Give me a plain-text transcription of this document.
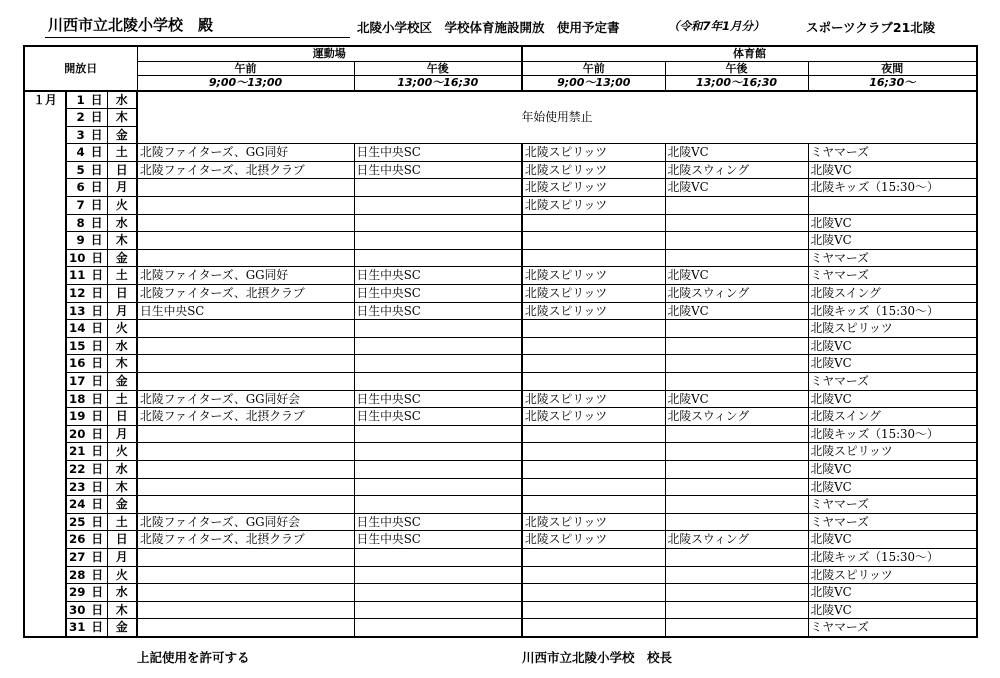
川西市立北陵小学校　殿	北陵小学校区　学校体育施設開放　使用予定書	（令和7年1月分）	スポーツクラブ21北陵
開放日			運動場		体育館		
			午前	午後	午前	午後	夜間
			9;00～13;00	13;00～16;30	9;00～13;00	13;00～16;30	16;30～
１月	1 日	水	年始使用禁止				
	2 日	木					
	3 日	金					
	4 日	土	北陵ファイターズ、GG同好	日生中央SC	北陵スピリッツ	北陵VC	ミヤマーズ
	5 日	日	北陵ファイターズ、北摂クラブ	日生中央SC	北陵スピリッツ	北陵スウィング	北陵VC
	6 日	月			北陵スピリッツ	北陵VC	北陵キッズ（15:30～）
	7 日	火			北陵スピリッツ		
	8 日	水					北陵VC
	9 日	木					北陵VC
	10 日	金					ミヤマーズ
	11 日	土	北陵ファイターズ、GG同好	日生中央SC	北陵スピリッツ	北陵VC	ミヤマーズ
	12 日	日	北陵ファイターズ、北摂クラブ	日生中央SC	北陵スピリッツ	北陵スウィング	北陵スイング
	13 日	月	日生中央SC	日生中央SC	北陵スピリッツ	北陵VC	北陵キッズ（15:30～）
	14 日	火					北陵スピリッツ
	15 日	水					北陵VC
	16 日	木					北陵VC
	17 日	金					ミヤマーズ
	18 日	土	北陵ファイターズ、GG同好会	日生中央SC	北陵スピリッツ	北陵VC	北陵VC
	19 日	日	北陵ファイターズ、北摂クラブ	日生中央SC	北陵スピリッツ	北陵スウィング	北陵スイング
	20 日	月					北陵キッズ（15:30～）
	21 日	火					北陵スピリッツ
	22 日	水					北陵VC
	23 日	木					北陵VC
	24 日	金					ミヤマーズ
	25 日	土	北陵ファイターズ、GG同好会	日生中央SC	北陵スピリッツ		ミヤマーズ
	26 日	日	北陵ファイターズ、北摂クラブ	日生中央SC	北陵スピリッツ	北陵スウィング	北陵VC
	27 日	月					北陵キッズ（15:30～）
	28 日	火					北陵スピリッツ
	29 日	水					北陵VC
	30 日	木					北陵VC
	31 日	金					ミヤマーズ
上記使用を許可する	川西市立北陵小学校　校長
